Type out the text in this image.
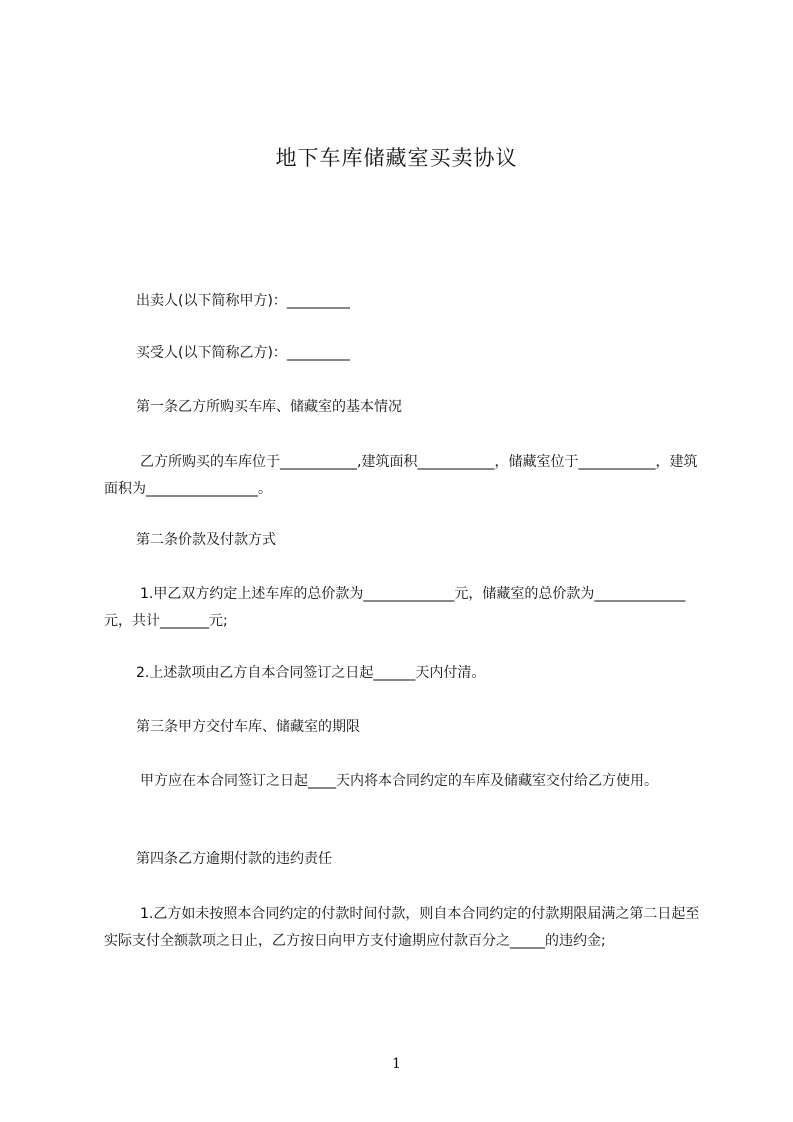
地下车库储藏室买卖协议

出卖人(以下简称甲方)：_________

买受人(以下简称乙方)：_________

第一条乙方所购买车库、储藏室的基本情况

乙方所购买的车库位于___________,建筑面积___________，储藏室位于___________，建筑面积为________________。

第二条价款及付款方式

1.甲乙双方约定上述车库的总价款为_____________元，储藏室的总价款为_____________元，共计_______元;

2.上述款项由乙方自本合同签订之日起______天内付清。

第三条甲方交付车库、储藏室的期限

甲方应在本合同签订之日起____天内将本合同约定的车库及储藏室交付给乙方使用。

第四条乙方逾期付款的违约责任

1.乙方如未按照本合同约定的付款时间付款，则自本合同约定的付款期限届满之第二日起至实际支付全额款项之日止，乙方按日向甲方支付逾期应付款百分之_____的违约金;

1
